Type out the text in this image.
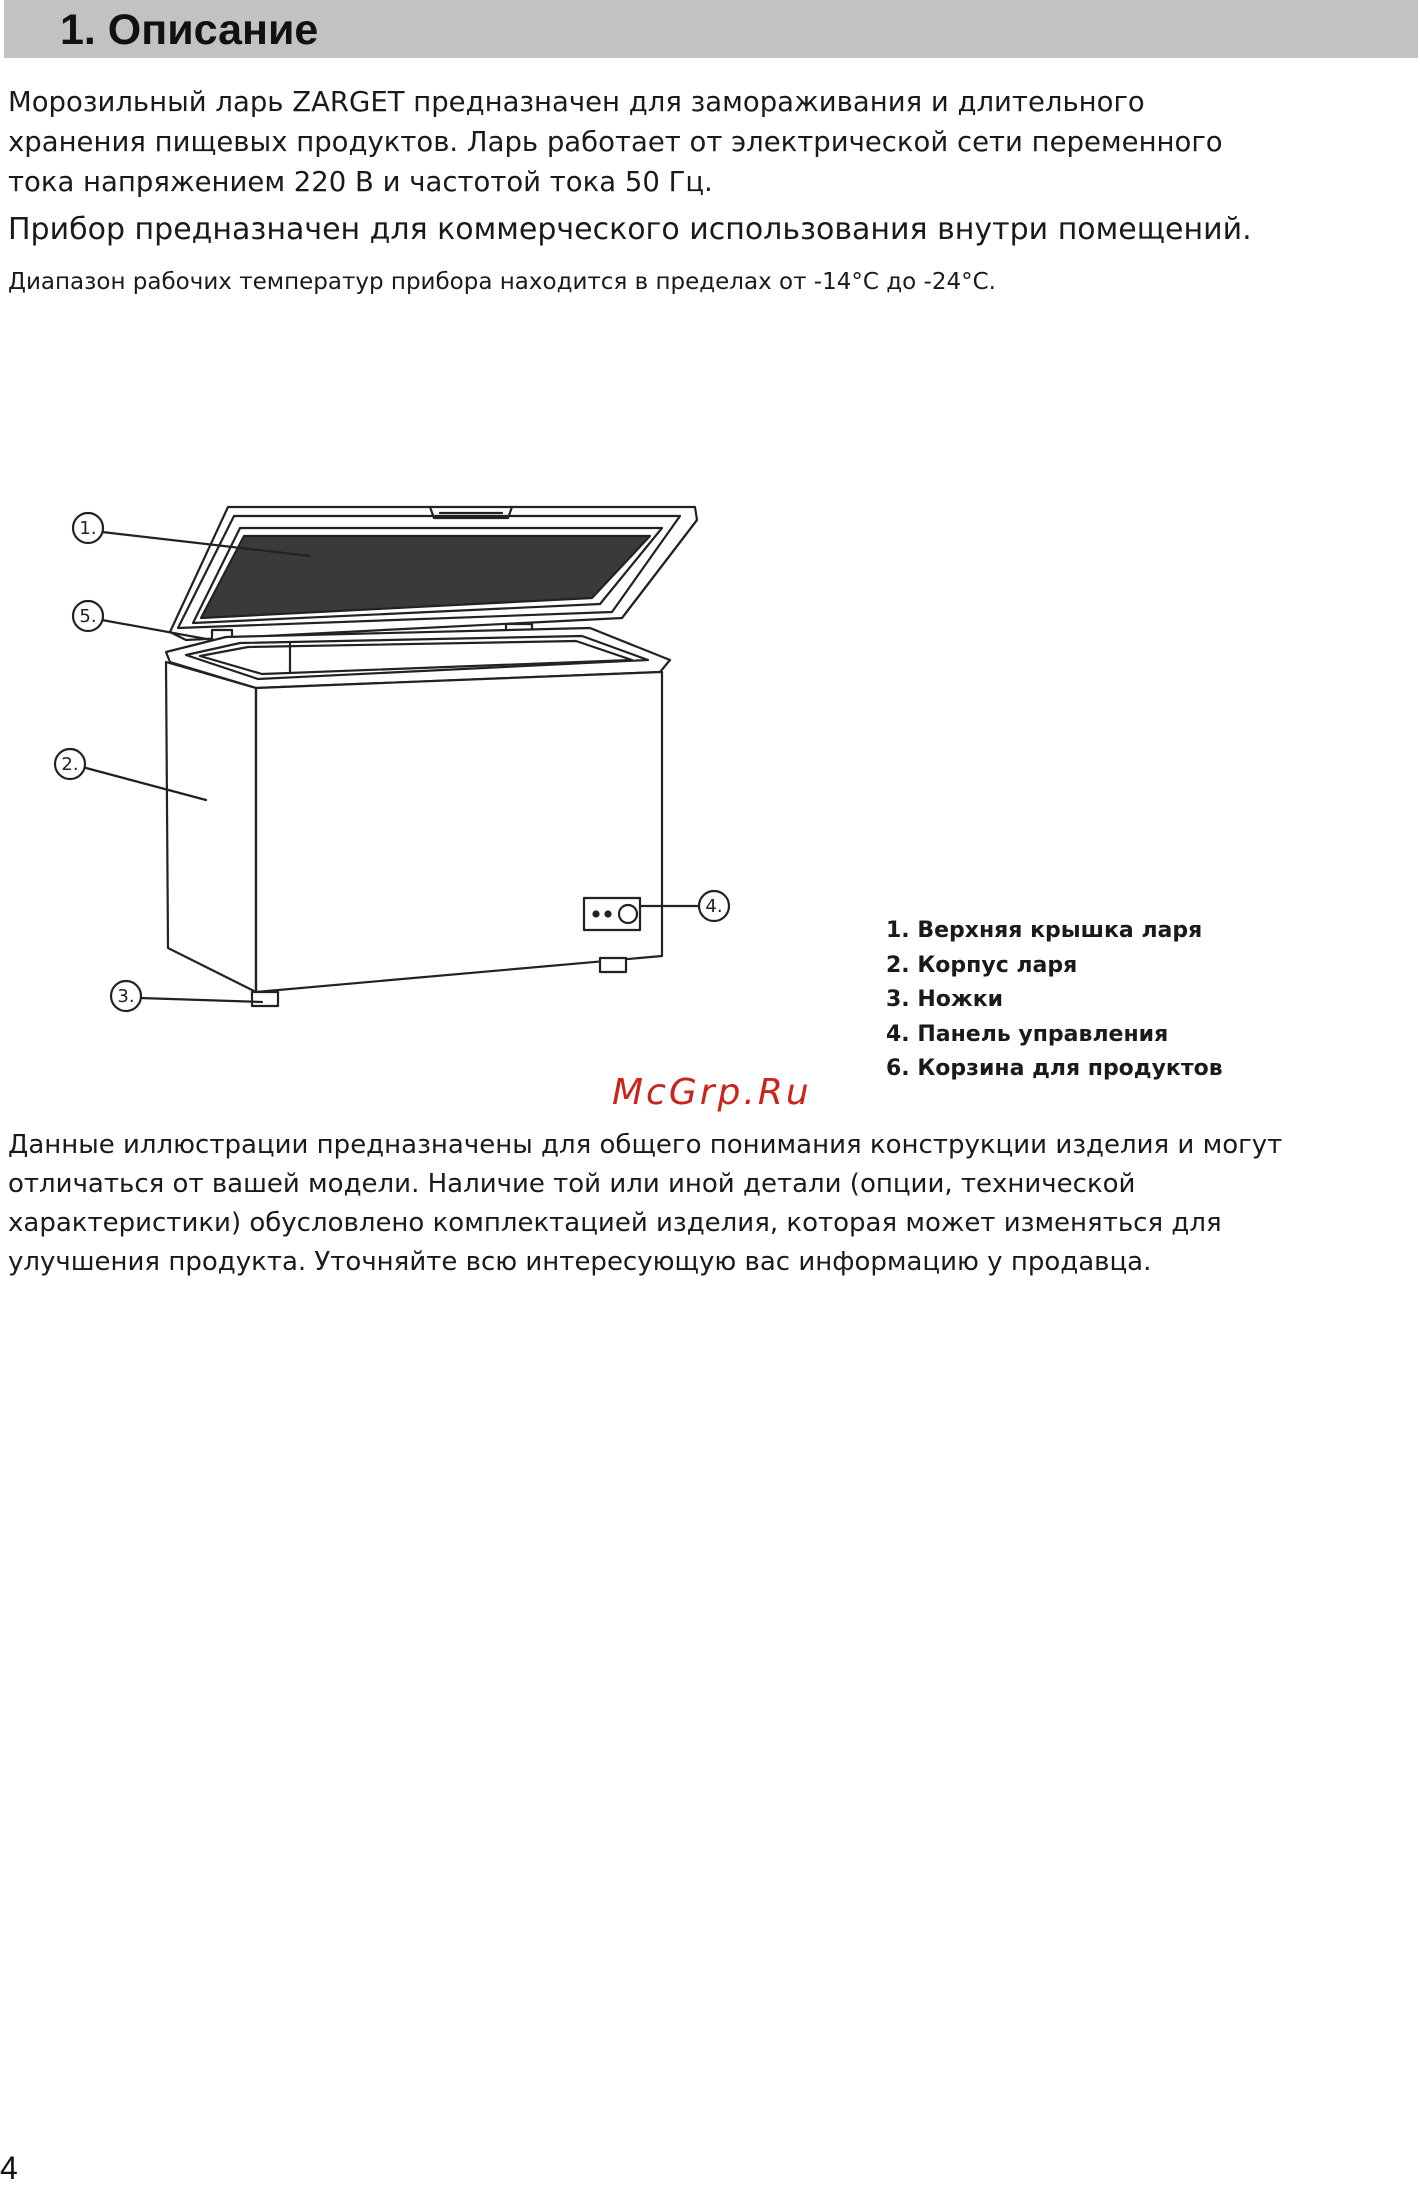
1. Описание

Морозильный ларь ZARGET предназначен для замораживания и длительного
хранения пищевых продуктов. Ларь работает от электрической сети переменного
тока напряжением 220 В и частотой тока 50 Гц.

Прибор предназначен для коммерческого использования внутри помещений.

Диапазон рабочих температур прибора находится в пределах от -14°C до -24°C.

1.
5.
2.
3.
4.
1. Верхняя крышка ларя
2. Корпус ларя
3. Ножки
4. Панель управления
6. Корзина для продуктов
McGrp.Ru

Данные иллюстрации предназначены для общего понимания конструкции изделия и могут
отличаться от вашей модели. Наличие той или иной детали (опции, технической
характеристики) обусловлено комплектацией изделия, которая может изменяться для
улучшения продукта. Уточняйте всю интересующую вас информацию у продавца.

4
